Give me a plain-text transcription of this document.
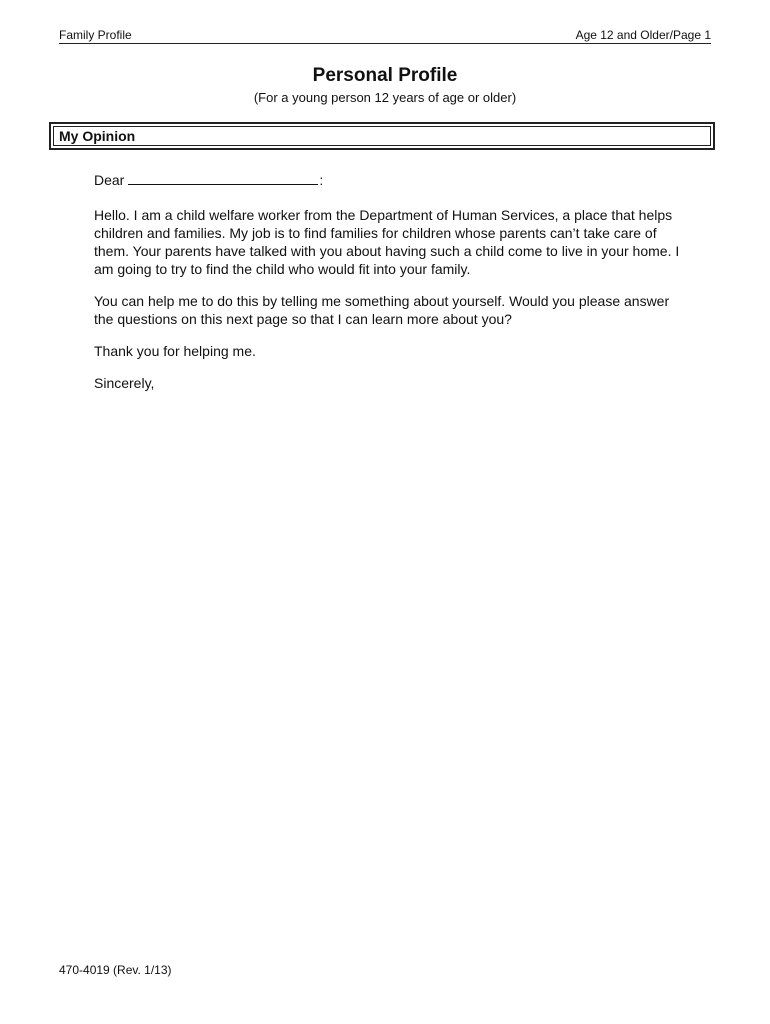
Family Profile	Age 12 and Older/Page 1
Personal Profile
(For a young person 12 years of age or older)
My Opinion

Dear	:

Hello. I am a child welfare worker from the Department of Human Services, a place that helps children and families. My job is to find families for children whose parents can’t take care of them. Your parents have talked with you about having such a child come to live in your home. I am going to try to find the child who would fit into your family.

You can help me to do this by telling me something about yourself. Would you please answer the questions on this next page so that I can learn more about you?

Thank you for helping me.

Sincerely,

470-4019 (Rev. 1/13)
